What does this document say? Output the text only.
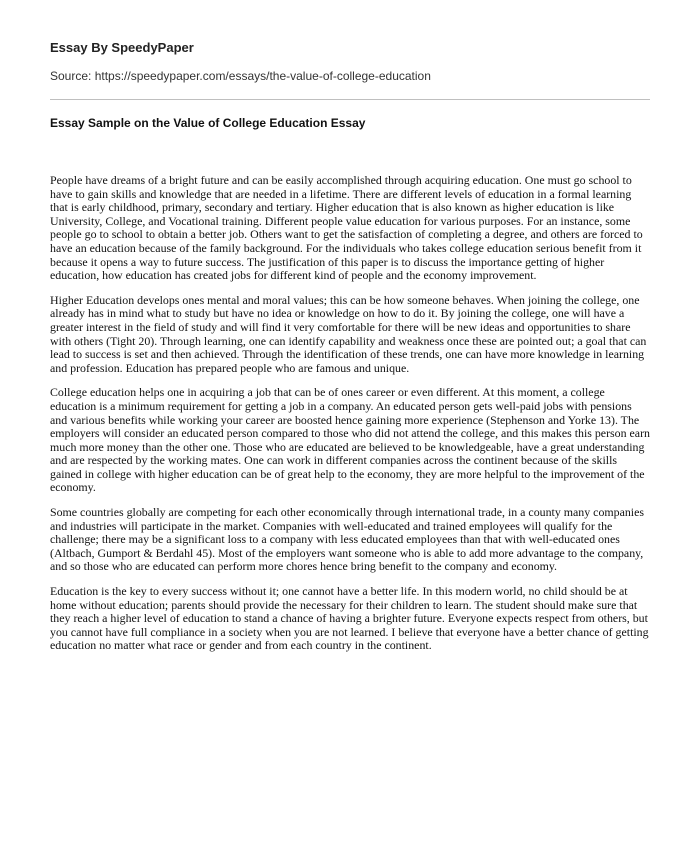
Essay By SpeedyPaper
Source: https://speedypaper.com/essays/the-value-of-college-education
Essay Sample on the Value of College Education Essay

People have dreams of a bright future and can be easily accomplished through acquiring education. One must go school to have to gain skills and knowledge that are needed in a lifetime. There are different levels of education in a formal learning that is early childhood, primary, secondary and tertiary. Higher education that is also known as higher education is like University, College, and Vocational training. Different people value education for various purposes. For an instance, some people go to school to obtain a better job. Others want to get the satisfaction of completing a degree, and others are forced to have an education because of the family background. For the individuals who takes college education serious benefit from it because it opens a way to future success. The justification of this paper is to discuss the importance getting of higher education, how education has created jobs for different kind of people and the economy improvement.

Higher Education develops ones mental and moral values; this can be how someone behaves. When joining the college, one already has in mind what to study but have no idea or knowledge on how to do it. By joining the college, one will have a greater interest in the field of study and will find it very comfortable for there will be new ideas and opportunities to share with others (Tight 20). Through learning, one can identify capability and weakness once these are pointed out; a goal that can lead to success is set and then achieved. Through the identification of these trends, one can have more knowledge in learning and profession. Education has prepared people who are famous and unique.

College education helps one in acquiring a job that can be of ones career or even different. At this moment, a college education is a minimum requirement for getting a job in a company. An educated person gets well-paid jobs with pensions and various benefits while working your career are boosted hence gaining more experience (Stephenson and Yorke 13). The employers will consider an educated person compared to those who did not attend the college, and this makes this person earn much more money than the other one. Those who are educated are believed to be knowledgeable, have a great understanding and are respected by the working mates. One can work in different companies across the continent because of the skills gained in college with higher education can be of great help to the economy, they are more helpful to the improvement of the economy.

Some countries globally are competing for each other economically through international trade, in a county many companies and industries will participate in the market. Companies with well-educated and trained employees will qualify for the challenge; there may be a significant loss to a company with less educated employees than that with well-educated ones (Altbach, Gumport & Berdahl 45). Most of the employers want someone who is able to add more advantage to the company, and so those who are educated can perform more chores hence bring benefit to the company and economy.

Education is the key to every success without it; one cannot have a better life. In this modern world, no child should be at home without education; parents should provide the necessary for their children to learn. The student should make sure that they reach a higher level of education to stand a chance of having a brighter future. Everyone expects respect from others, but you cannot have full compliance in a society when you are not learned. I believe that everyone have a better chance of getting education no matter what race or gender and from each country in the continent.
